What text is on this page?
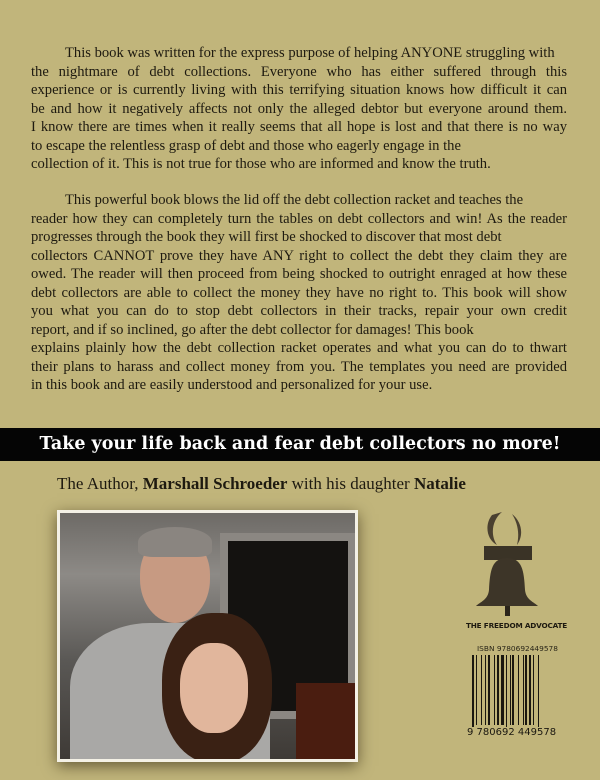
This book was written for the express purpose of helping ANYONE struggling with
the nightmare of debt collections. Everyone who has either suffered through this
experience or is currently living with this terrifying situation knows how difficult it can
be and how it negatively affects not only the alleged debtor but everyone around them.
I know there are times when it really seems that all hope is lost and that there is no way
to escape the relentless grasp of debt and those who eagerly engage in the
collection of it. This is not true for those who are informed and know the truth.
This powerful book blows the lid off the debt collection racket and teaches the
reader how they can completely turn the tables on debt collectors and win! As the reader
progresses through the book they will first be shocked to discover that most debt
collectors CANNOT prove they have ANY right to collect the debt they claim they are
owed. The reader will then proceed from being shocked to outright enraged at how these
debt collectors are able to collect the money they have no right to. This book will show
you what you can do to stop debt collectors in their tracks, repair your own credit
report, and if so inclined, go after the debt collector for damages! This book
explains plainly how the debt collection racket operates and what you can do to thwart
their plans to harass and collect money from you. The templates you need are provided
in this book and are easily understood and personalized for your use.
Take your life back and fear debt collectors no more!
The Author, Marshall Schroeder with his daughter Natalie
THE FREEDOM ADVOCATE
ISBN 9780692449578
9 780692 449578
